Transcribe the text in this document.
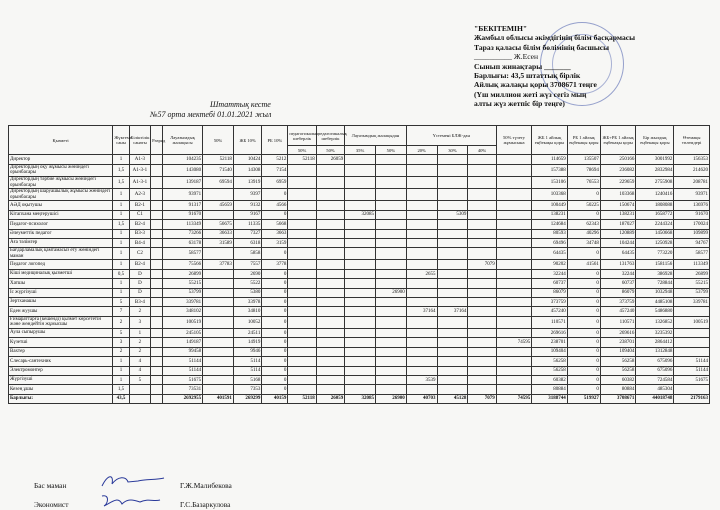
"БЕКІТЕМІН"
Жамбыл облысы әкімдігінің білім басқармасы
Тараз қаласы білім бөлімінің басшысы
__________ Ж.Есен
Сынып жинақтары _______
Барлығы: 43,5 штаттық бірлік
Айлық жалақы қоры 3708671 теңге
(Үш миллион жеті жүз сегіз мың
алты жүз жетпіс бір теңге)
Штаттық кесте
№57 орта мектебі 01.01.2021 жыл
Қызметі	Жүктеме саны	Біліктілік санаты	Разряд	Лауазымдық жалақысы	50%	ЖБ 10%	РБ 10%	педагогикалық шеберлік	педагогикалық шеберлік	Лауазымдық жалақыдан		Үстемені БЛЖ-дан			50% түзету жұмысына	ЖБ 1 айлық еңбекақы қоры	РБ 1 айлық еңбекақы қоры	ЖБ+РБ 1 айлық еңбекақы қоры	Бір жылдық еңбекақы қоры	Өтемақы төлемдері
								50%	50%	35%	50%	20%	30%	40%						
Директор	1	А1-3		104235	52118	10424	5212	52118	26059							114659	135507	250166	3001992	156353
Директордың оқу жұмысы жөніндегі орынбасары	1,5	А1-3-1		143080	71540	14308	7154									157388	78694	236082	2832984	214620
Директордың тәрбие жұмысы жөніндегі орынбасары	1,5	А1-3-1		139187	69594	13919	6959									153106	76553	229659	2755908	208781
Директордың шаруашылық жұмысы жөніндегі орынбасары	1	А2-3		93971		9397	0									103368	0	103368	1240416	93971
АӘД оқытушы	1	В2-1		91317	45659	9132	4566									100449	50225	150674	1808088	136976
Кітапхана меңгерушісі	1	С1		91670		9167	0			32085			5309			138231	0	138231	1658772	91670
Педагог-психолог	1,5	В2-4		113349	56675	11335	5668									124684	62343	187027	2244324	170024
Әлеуметтік педагог	1	В3-3		73266	36633	7327	3663									80593	40296	120889	1450668	109899
Аға тәлімгер	1	В4-4		63178	31589	6318	3159									69496	34748	104244	1250928	94767
Бағдарламалық қамтамасыз ету жөніндегі маман	1	С2		58577		5858	0									64435	0	64435	773220	58577
Педагог логопед	1	В2-4		75566	37783	7557	3778							7079		90202	41561	131763	1581156	113349
Кіші медициналық қызметші	0,5	D		26899		2690	0					2655				32244	0	32244	386928	26899
Хатшы	1	D		55215		5522	0									60737	0	60737	728844	55215
Іс жүргізуші	1	D		53799		5380	0				26900					86079	0	86079	1032948	53799
Зертханашы	5	В3-4		339781		33978	0									373759	0	373759	4485108	339781
Еден жуушы	7	2		348102		34810	0					37164	37164			457240	0	457240	5486880	
Ғимараттарға (кешенді) қызмет көрсететін және жөндейтін жұмысшы	2	3		100519		10052	0									110571	0	110571	1326852	100519
Аула сыпырушы	5	1		245105		24511	0									269616	0	269616	3235392	
Күзетші	3	2		149187		14919	0								74595	238701	0	238701	2864412	
Вахтер	2	2		99458		9946	0									109404	0	109404	1312848	
Слесарь-сантехник	1	4		51144		5114	0									56258	0	56258	675096	51144
Электромонтер	1	4		51144		5114	0									56258	0	56258	675096	51144
Жүргізуші	1	5		51675		5168	0					3539				60382	0	60382	724584	51675
Кезең ұшы	1,5			73531		7353	0									80884	0	80884	485304	
Барлығы:	43,5			2692955	401591	269299	40159	52118	26059	32085	26900	40703	45128	7079	74595	3188744	519927	3708671	44018748	2179163
Бас маман	Г.Ж.Малибекова
Экономист	Г.С.Базаркулова
